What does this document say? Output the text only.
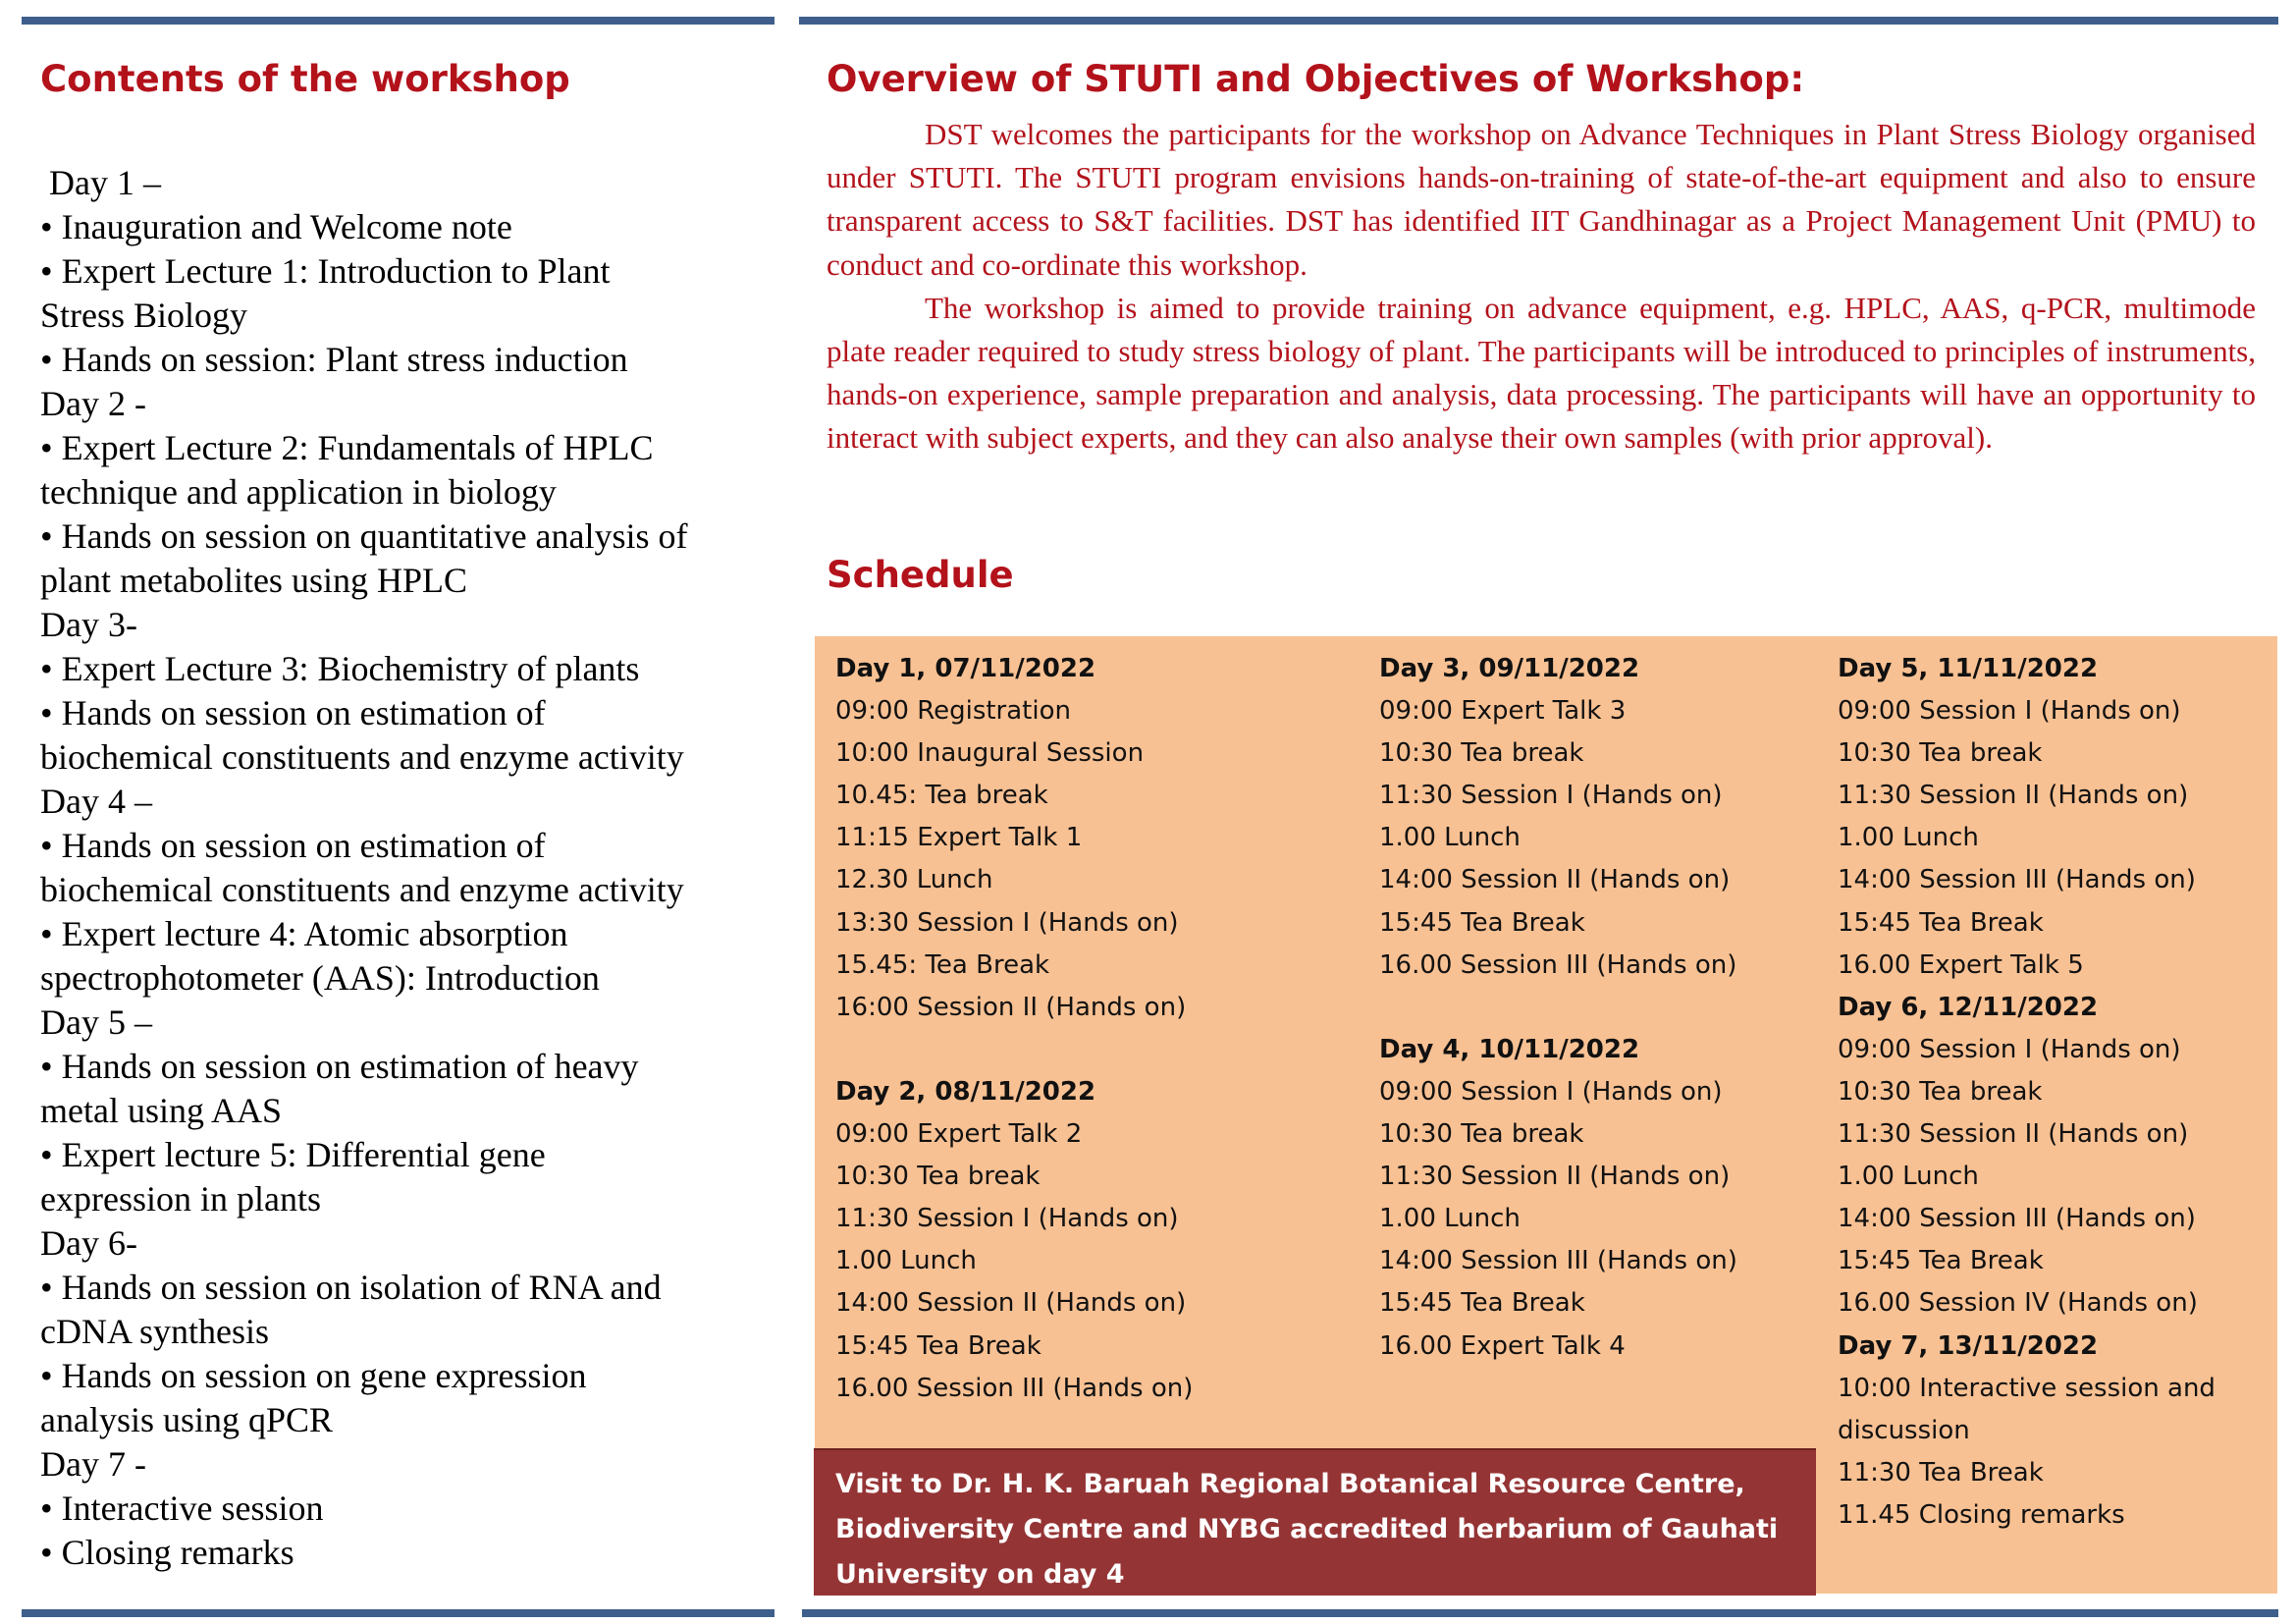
Contents of the workshop
Day 1 –
• Inauguration and Welcome note
• Expert Lecture 1: Introduction to Plant
Stress Biology
• Hands on session: Plant stress induction
Day 2 -
• Expert Lecture 2: Fundamentals of HPLC
technique and application in biology
• Hands on session on quantitative analysis of
plant metabolites using HPLC
Day 3-
• Expert Lecture 3: Biochemistry of plants
• Hands on session on estimation of
biochemical constituents and enzyme activity
Day 4 –
• Hands on session on estimation of
biochemical constituents and enzyme activity
• Expert lecture 4: Atomic absorption
spectrophotometer (AAS): Introduction
Day 5 –
• Hands on session on estimation of heavy
metal using AAS
• Expert lecture 5: Differential gene
expression in plants
Day 6-
• Hands on session on isolation of RNA and
cDNA synthesis
• Hands on session on gene expression
analysis using qPCR
Day 7 -
• Interactive session
• Closing remarks
Overview of STUTI and Objectives of Workshop:

DST welcomes the participants for the workshop on Advance Techniques in Plant Stress Biology organised under STUTI. The STUTI program envisions hands-on-training of state-of-the-art equipment and also to ensure transparent access to S&T facilities. DST has identified IIT Gandhinagar as a Project Management Unit (PMU) to conduct and co-ordinate this workshop.

The workshop is aimed to provide training on advance equipment, e.g. HPLC, AAS, q-PCR, multimode plate reader required to study stress biology of plant. The participants will be introduced to principles of instruments, hands-on experience, sample preparation and analysis, data processing. The participants will have an opportunity to interact with subject experts, and they can also analyse their own samples (with prior approval).

Schedule
Day 1, 07/11/2022
09:00 Registration
10:00 Inaugural Session
10.45: Tea break
11:15 Expert Talk 1
12.30 Lunch
13:30 Session I (Hands on)
15.45: Tea Break
16:00 Session II (Hands on)
Day 2, 08/11/2022
09:00 Expert Talk 2
10:30 Tea break
11:30 Session I (Hands on)
1.00 Lunch
14:00 Session II (Hands on)
15:45 Tea Break
16.00 Session III (Hands on)
Day 3, 09/11/2022
09:00 Expert Talk 3
10:30 Tea break
11:30 Session I (Hands on)
1.00 Lunch
14:00 Session II (Hands on)
15:45 Tea Break
16.00 Session III (Hands on)
Day 4, 10/11/2022
09:00 Session I (Hands on)
10:30 Tea break
11:30 Session II (Hands on)
1.00 Lunch
14:00 Session III (Hands on)
15:45 Tea Break
16.00 Expert Talk 4
Day 5, 11/11/2022
09:00 Session I (Hands on)
10:30 Tea break
11:30 Session II (Hands on)
1.00 Lunch
14:00 Session III (Hands on)
15:45 Tea Break
16.00 Expert Talk 5
Day 6, 12/11/2022
09:00 Session I (Hands on)
10:30 Tea break
11:30 Session II (Hands on)
1.00 Lunch
14:00 Session III (Hands on)
15:45 Tea Break
16.00 Session IV (Hands on)
Day 7, 13/11/2022
10:00 Interactive session and
discussion
11:30 Tea Break
11.45 Closing remarks
Visit to Dr. H. K. Baruah Regional Botanical Resource Centre, Biodiversity Centre and NYBG accredited herbarium of Gauhati University on day 4
